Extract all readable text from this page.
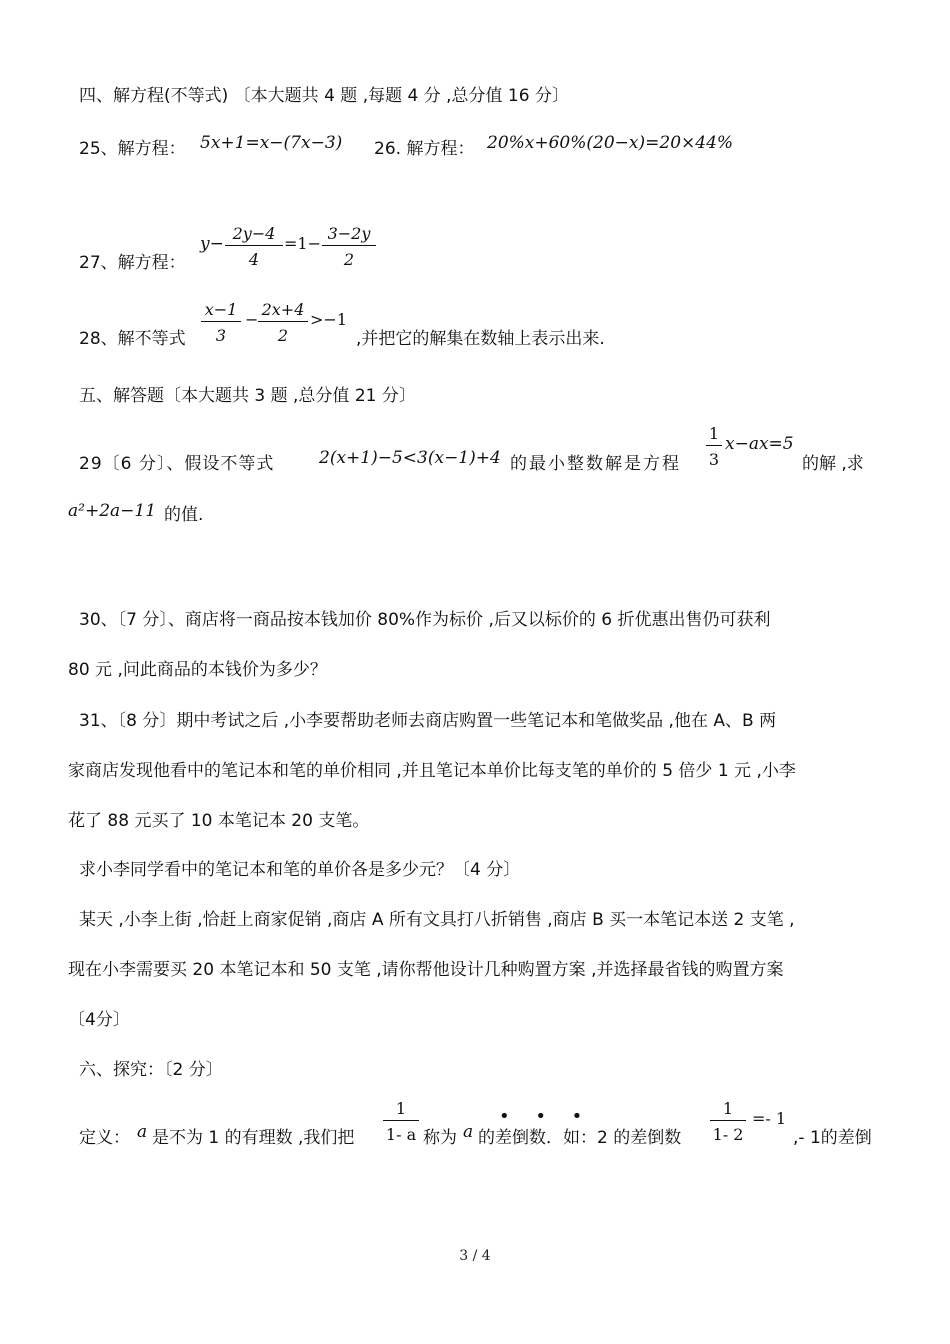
四、解方程(不等式) 〔本大题共 4 题 ,每题 4 分 ,总分值 16 分〕
25、解方程： 5x+1=x−(7x−3) 26. 解方程： 20%x+60%(20−x)=20×44%
27、解方程：
$y- \frac{2y-4}{4} =1- \frac{3-2y}{2}$
28、解不等式 $\frac{x-1}{3} - \frac{2x+4}{2} >-1$
,并把它的解集在数轴上表示出来.
五、解答题〔本大题共 3 题 ,总分值 21 分〕
29〔6 分〕、假设不等式	2(x+1)−5<3(x−1)+4 的最小整数解是方程 $\frac{1}{3} x-ax=5$
的解 ,求
a²+2a−11 的值.
30、〔7 分〕、商店将一商品按本钱加价 80%作为标价 ,后又以标价的 6 折优惠出售仍可获利
80 元 ,问此商品的本钱价为多少？
31、〔8 分〕期中考试之后 ,小李要帮助老师去商店购置一些笔记本和笔做奖品 ,他在 A、B 两
家商店发现他看中的笔记本和笔的单价相同 ,并且笔记本单价比每支笔的单价的 5 倍少 1 元 ,小李
花了 88 元买了 10 本笔记本 20 支笔。
求小李同学看中的笔记本和笔的单价各是多少元？〔4 分〕
某天 ,小李上街 ,恰赶上商家促销 ,商店 A 所有文具打八折销售 ,商店 B 买一本笔记本送 2 支笔 ,
现在小李需要买 20 本笔记本和 50 支笔 ,请你帮他设计几种购置方案 ,并选择最省钱的购置方案
〔4分〕
六、探究：〔2 分〕
定义： a 是不为 1 的有理数 ,我们把 $\frac{1}{1- a}$ 称为 a
• • •
的差倒数．如：2 的差倒数 $\frac{1}{1- 2} =- 1$
,- 1的差倒
3 / 4
